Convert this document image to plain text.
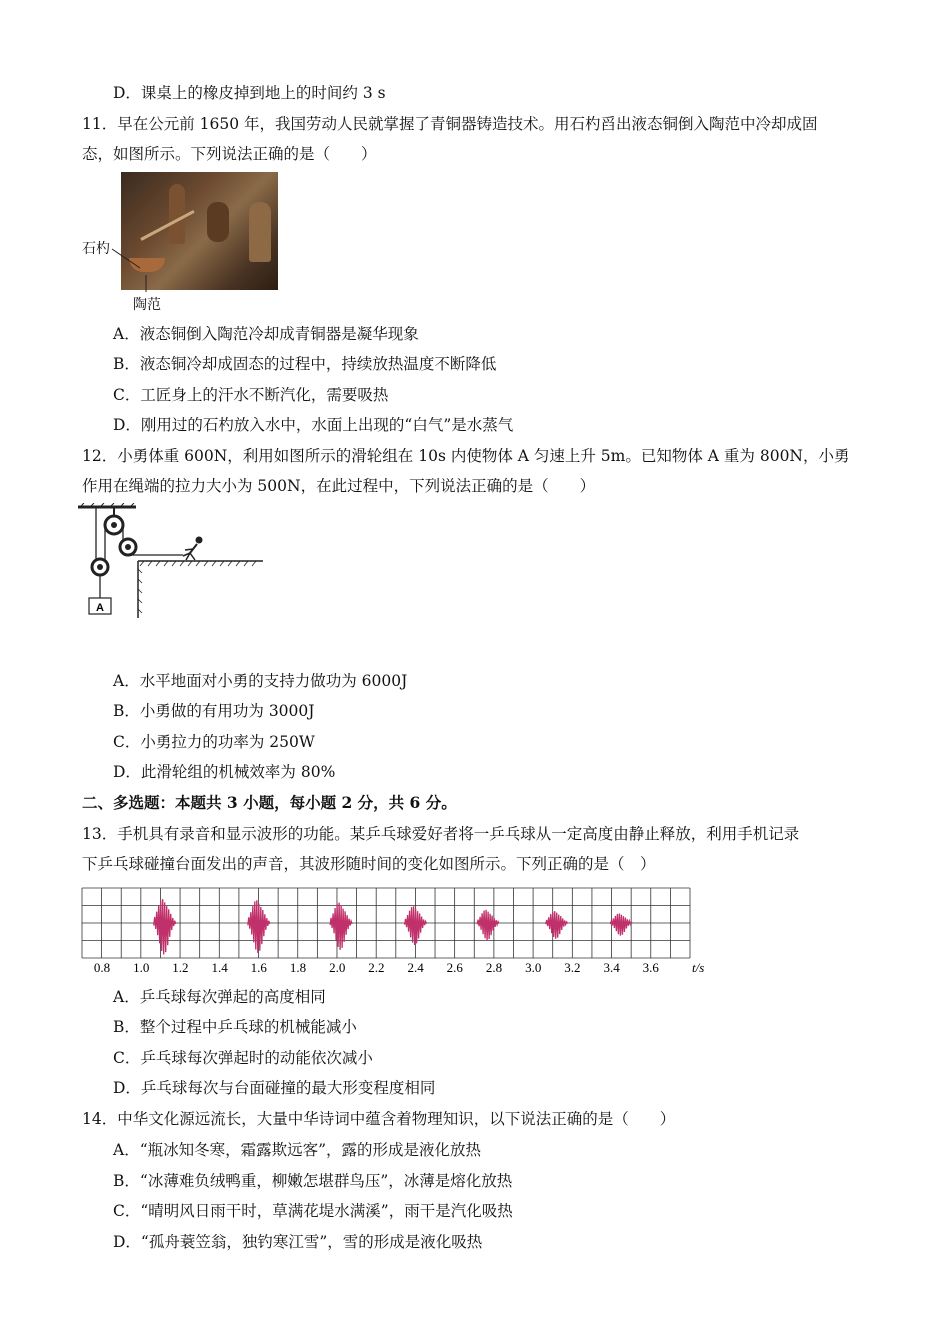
D．课桌上的橡皮掉到地上的时间约 3 s
11．早在公元前 1650 年，我国劳动人民就掌握了青铜器铸造技术。用石杓舀出液态铜倒入陶范中冷却成固
态，如图所示。下列说法正确的是（　　）
石杓
陶范
A．液态铜倒入陶范冷却成青铜器是凝华现象
B．液态铜冷却成固态的过程中，持续放热温度不断降低
C．工匠身上的汗水不断汽化，需要吸热
D．刚用过的石杓放入水中，水面上出现的“白气”是水蒸气
12．小勇体重 600N，利用如图所示的滑轮组在 10s 内使物体 A 匀速上升 5m。已知物体 A 重为 800N，小勇
作用在绳端的拉力大小为 500N，在此过程中，下列说法正确的是（　　）
A
A．水平地面对小勇的支持力做功为 6000J
B．小勇做的有用功为 3000J
C．小勇拉力的功率为 250W
D．此滑轮组的机械效率为 80%
二、多选题：本题共 3 小题，每小题 2 分，共 6 分。
13．手机具有录音和显示波形的功能。某乒乓球爱好者将一乒乓球从一定高度由静止释放，利用手机记录
下乒乓球碰撞台面发出的声音，其波形随时间的变化如图所示。下列正确的是（　）
0.8 1.0 1.2 1.4 1.6 1.8 2.0 2.2 2.4 2.6 2.8 3.0 3.2 3.4 3.6	t/s
A．乒乓球每次弹起的高度相同
B．整个过程中乒乓球的机械能减小
C．乒乓球每次弹起时的动能依次减小
D．乒乓球每次与台面碰撞的最大形变程度相同
14．中华文化源远流长，大量中华诗词中蕴含着物理知识，以下说法正确的是（　　）
A．“瓶冰知冬寒，霜露欺远客”，露的形成是液化放热
B．“冰薄难负绒鸭重，柳嫩怎堪群鸟压”，冰薄是熔化放热
C．“晴明风日雨干时，草满花堤水满溪”，雨干是汽化吸热
D．“孤舟蓑笠翁，独钓寒江雪”，雪的形成是液化吸热
